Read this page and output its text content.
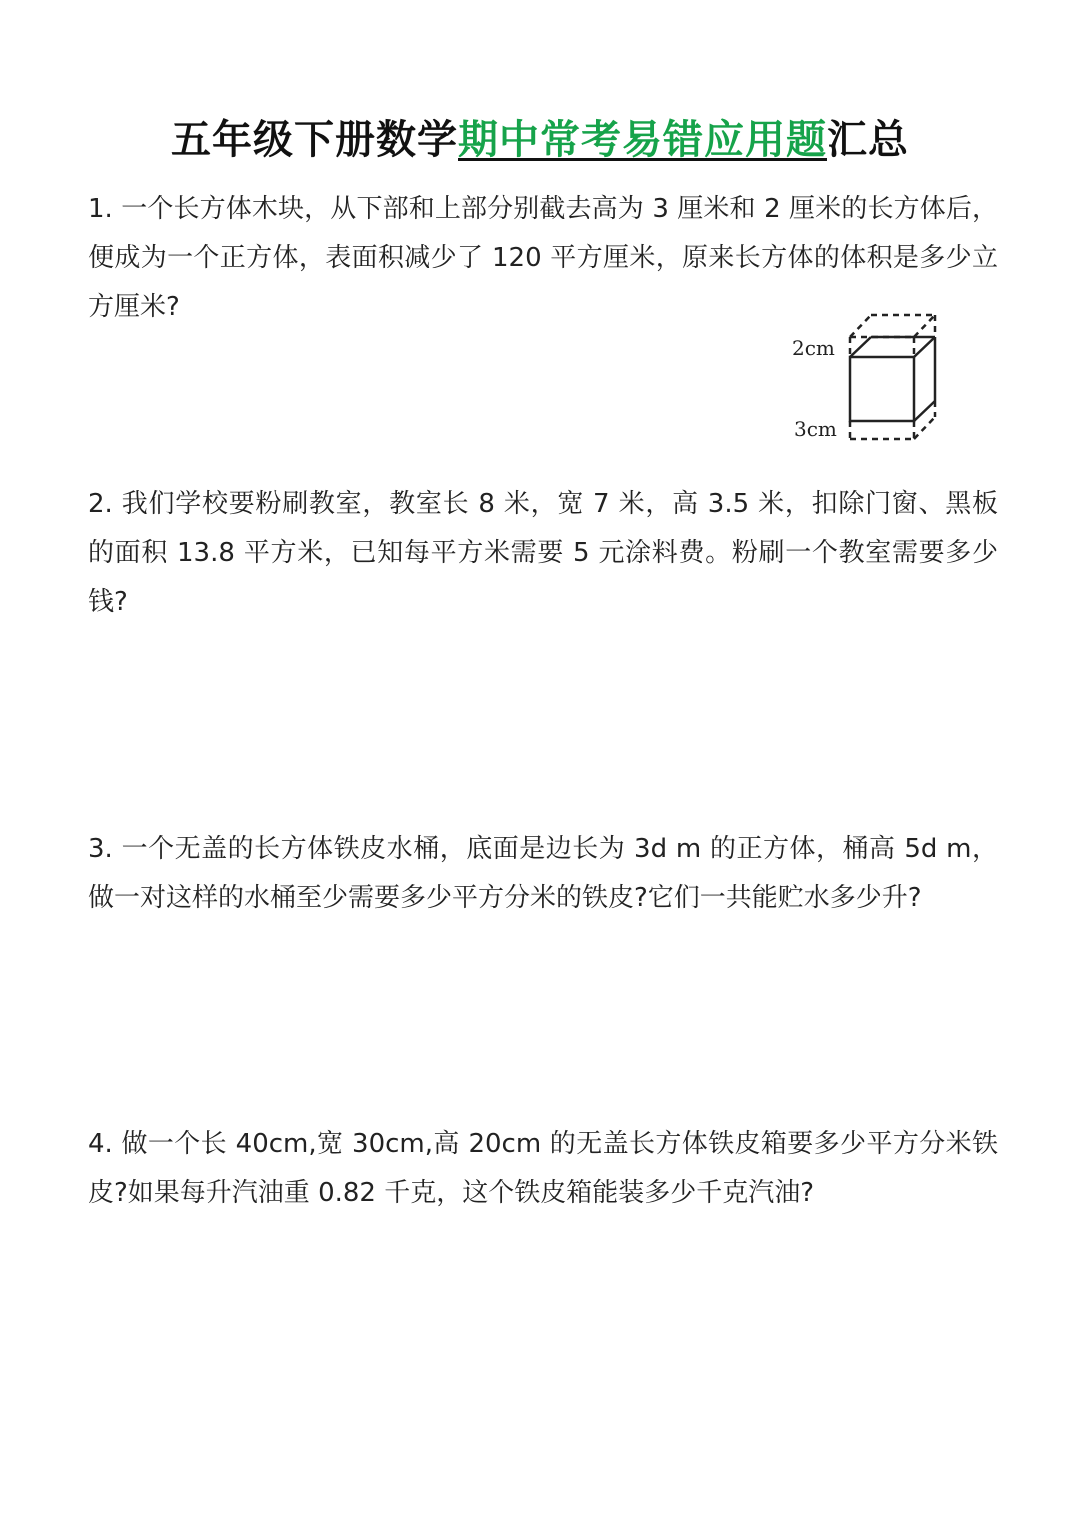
五年级下册数学期中常考易错应用题汇总
1. 一个长方体木块，从下部和上部分别截去高为 3 厘米和 2 厘米的长方体后，便成为一个正方体，表面积减少了 120 平方厘米，原来长方体的体积是多少立方厘米?
2cm
3cm
2. 我们学校要粉刷教室，教室长 8 米，宽 7 米，高 3.5 米，扣除门窗、黑板的面积 13.8 平方米，已知每平方米需要 5 元涂料费。粉刷一个教室需要多少钱?
3. 一个无盖的长方体铁皮水桶，底面是边长为 3d m 的正方体，桶高 5d m，做一对这样的水桶至少需要多少平方分米的铁皮?它们一共能贮水多少升?
4. 做一个长 40cm,宽 30cm,高 20cm 的无盖长方体铁皮箱要多少平方分米铁皮?如果每升汽油重 0.82 千克，这个铁皮箱能装多少千克汽油?
